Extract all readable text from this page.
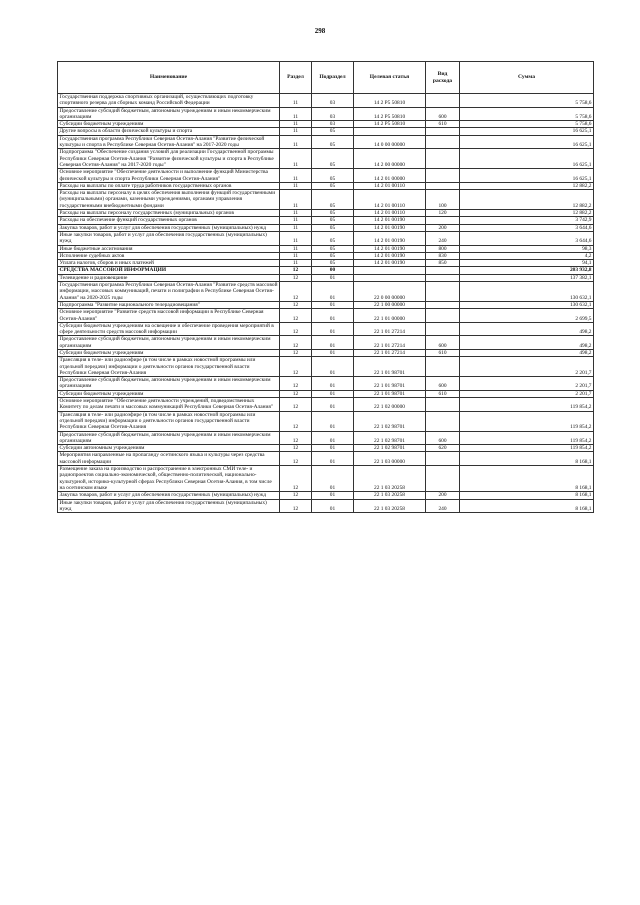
298
Наименование	Раздел	Подраздел	Целевая статья	Вид расхода	Сумма
Государственная поддержка спортивных организаций, осуществляющих подготовку спортивного резерва для сборных команд Российской Федерации	11	03	14 2 P5 50810		5 758,6
Предоставление субсидий бюджетным, автономным учреждениям и иным некоммерческим организациям	11	03	14 2 P5 50810	600	5 758,6
Субсидии бюджетным учреждениям	11	03	14 2 P5 50810	610	5 758,6
Другие вопросы в области физической культуры и спорта	11	05			16 625,1
Государственная программа Республики Северная Осетия-Алания "Развитие физической культуры и спорта в Республике Северная Осетия-Алания" на 2017-2020 годы	11	05	14 0 00 00000		16 625,1
Подпрограмма "Обеспечение создания условий для реализации Государственной программы Республики Северная Осетия-Алания "Развитие физической культуры и спорта в Республике Северная Осетия-Алания" на 2017-2020 годы"	11	05	14 2 00 00000		16 625,1
Основное мероприятие "Обеспечение деятельности и выполнение функций Министерства физической культуры и спорта Республики Северная Осетия-Алания"	11	05	14 2 01 00000		16 625,1
Расходы на выплаты по оплате труда работников государственных органов	11	05	14 2 01 00110		12 882,2
Расходы на выплаты персоналу в целях обеспечения выполнения функций государственными (муниципальными) органами, казенными учреждениями, органами управления государственными внебюджетными фондами	11	05	14 2 01 00110	100	12 882,2
Расходы на выплаты персоналу государственных (муниципальных) органов	11	05	14 2 01 00110	120	12 882,2
Расходы на обеспечение функций государственных органов	11	05	14 2 01 00190		3 742,9
Закупка товаров, работ и услуг для обеспечения государственных (муниципальных) нужд	11	05	14 2 01 00190	200	3 644,6
Иные закупки товаров, работ и услуг для обеспечения государственных (муниципальных) нужд	11	05	14 2 01 00190	240	3 644,6
Иные бюджетные ассигнования	11	05	14 2 01 00190	800	98,3
Исполнение судебных актов	11	05	14 2 01 00190	830	4,2
Уплата налогов, сборов и иных платежей	11	05	14 2 01 00190	850	94,1
СРЕДСТВА МАССОВОЙ ИНФОРМАЦИИ	12	00			203 932,8
Телевидение и радиовещание	12	01			137 382,1
Государственная программа Республики Северная Осетия-Алания "Развитие средств массовой информации, массовых коммуникаций, печати и полиграфии в Республике Северная Осетия-Алания" на 2020-2025 годы	12	01	22 0 00 00000		130 632,1
Подпрограмма "Развитие национального телерадиовещания"	12	01	22 1 00 00000		130 632,1
Основное мероприятие "Развитие средств массовой информации в Республике Северная Осетия-Алания"	12	01	22 1 01 00000		2 699,5
Субсидии бюджетным учреждениям на освещение и обеспечение проведения мероприятий в сфере деятельности средств массовой информации	12	01	22 1 01 27214		498,2
Предоставление субсидий бюджетным, автономным учреждениям и иным некоммерческим организациям	12	01	22 1 01 27214	600	498,2
Субсидии бюджетным учреждениям	12	01	22 1 01 27214	610	498,2
Трансляция в теле- или радиоэфире (в том числе в рамках новостной программы или отдельной передачи) информации о деятельности органов государственной власти Республики Северная Осетия-Алания	12	01	22 1 01 98701		2 201,7
Предоставление субсидий бюджетным, автономным учреждениям и иным некоммерческим организациям	12	01	22 1 01 98701	600	2 201,7
Субсидии бюджетным учреждениям	12	01	22 1 01 98701	610	2 201,7
Основное мероприятие "Обеспечение деятельности учреждений, подведомственных Комитету по делам печати и массовых коммуникаций Республики Северная Осетия-Алания"	12	01	22 1 02 00000		119 854,2
Трансляция в теле- или радиоэфире (в том числе в рамках новостной программы или отдельной передачи) информации о деятельности органов государственной власти Республики Северная Осетия-Алания	12	01	22 1 02 98701		119 854,2
Предоставление субсидий бюджетным, автономным учреждениям и иным некоммерческим организациям	12	01	22 1 02 98701	600	119 854,2
Субсидии автономным учреждениям	12	01	22 1 02 98701	620	119 854,2
Мероприятия направленные на пропаганду осетинского языка и культуры через средства массовой информации	12	01	22 1 03 00000		8 168,1
Размещение заказа на производство и распространение в электронных СМИ теле- и радиопроектов социально-экономической, общественно-политической, национально-культурной, историко-культурной сферах Республики Северная Осетия-Алания, в том числе на осетинском языке	12	01	22 1 03 20258		8 168,1
Закупка товаров, работ и услуг для обеспечения государственных (муниципальных) нужд	12	01	22 1 03 20258	200	8 168,1
Иные закупки товаров, работ и услуг для обеспечения государственных (муниципальных) нужд	12	01	22 1 03 20258	240	8 168,1
